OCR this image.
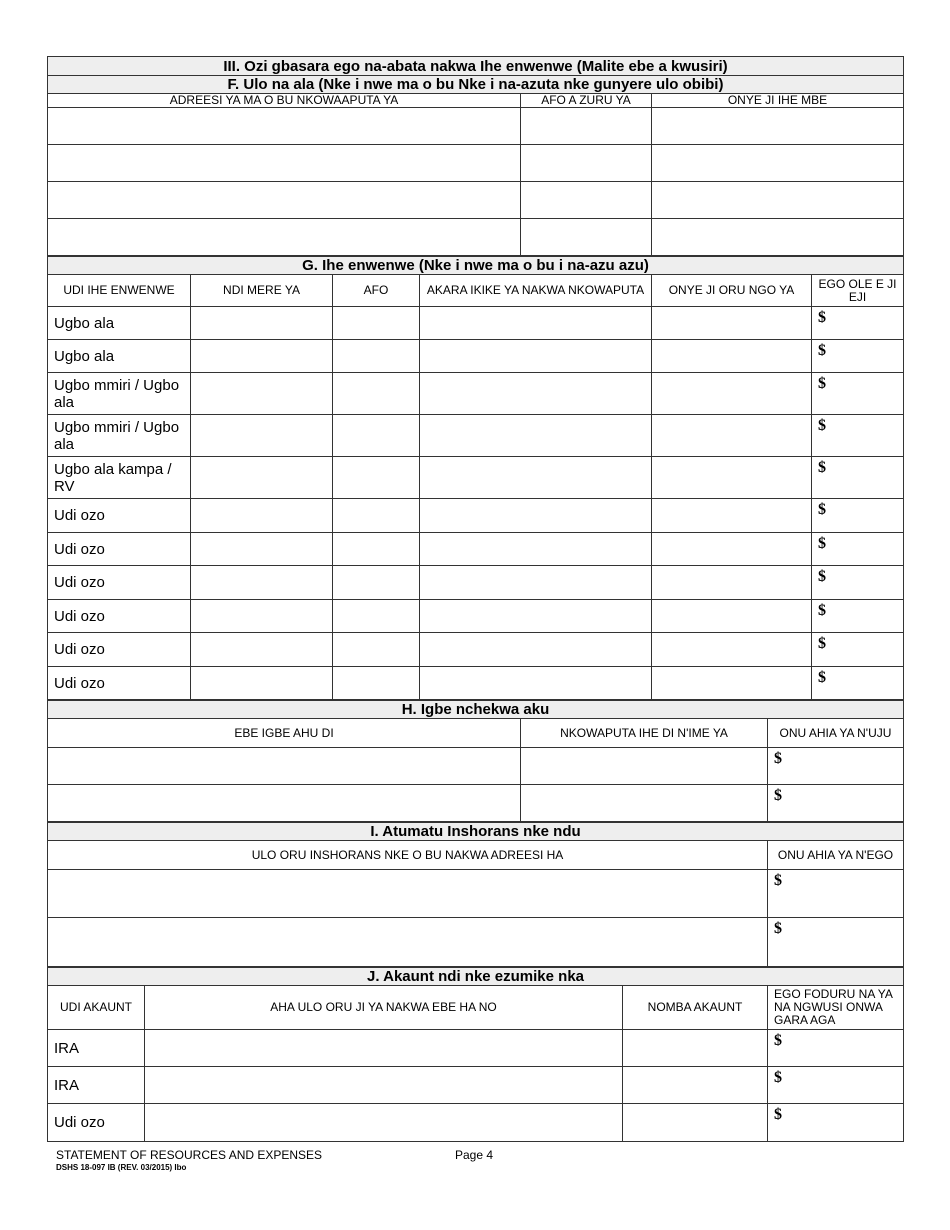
III. Ozi gbasara ego na-abata nakwa Ihe enwenwe (Malite ebe a kwusiri)		
F. Ulo na ala (Nke i nwe ma o bu Nke i na-azuta nke gunyere ulo obibi)		
ADREESI YA MA O BU NKOWAAPUTA YA	AFO A ZURU YA	ONYE JI IHE MBE

G. Ihe enwenwe (Nke i nwe ma o bu i na-azu azu)					
UDI IHE ENWENWE	NDI MERE YA	AFO	AKARA IKIKE YA NAKWA NKOWAPUTA	ONYE JI ORU NGO YA	EGO OLE E JI EJI
Ugbo ala					$
Ugbo ala					$
Ugbo mmiri / Ugbo ala					$
Ugbo mmiri / Ugbo ala					$
Ugbo ala kampa / RV					$
Udi ozo					$
Udi ozo					$
Udi ozo					$
Udi ozo					$
Udi ozo					$
Udi ozo					$
H. Igbe nchekwa aku		
EBE IGBE AHU DI	NKOWAPUTA IHE DI N'IME YA	ONU AHIA YA N'UJU
		$
		$
I. Atumatu Inshorans nke ndu	
ULO ORU INSHORANS NKE O BU NAKWA ADREESI HA	ONU AHIA YA N'EGO
	$
	$
J. Akaunt ndi nke ezumike nka			
UDI AKAUNT	AHA ULO ORU JI YA NAKWA EBE HA NO	NOMBA AKAUNT	EGO FODURU NA YA NA NGWUSI ONWA GARA AGA
IRA			$
IRA			$
Udi ozo			$
STATEMENT OF RESOURCES AND EXPENSES	Page 4
DSHS 18-097 IB (REV. 03/2015) Ibo
